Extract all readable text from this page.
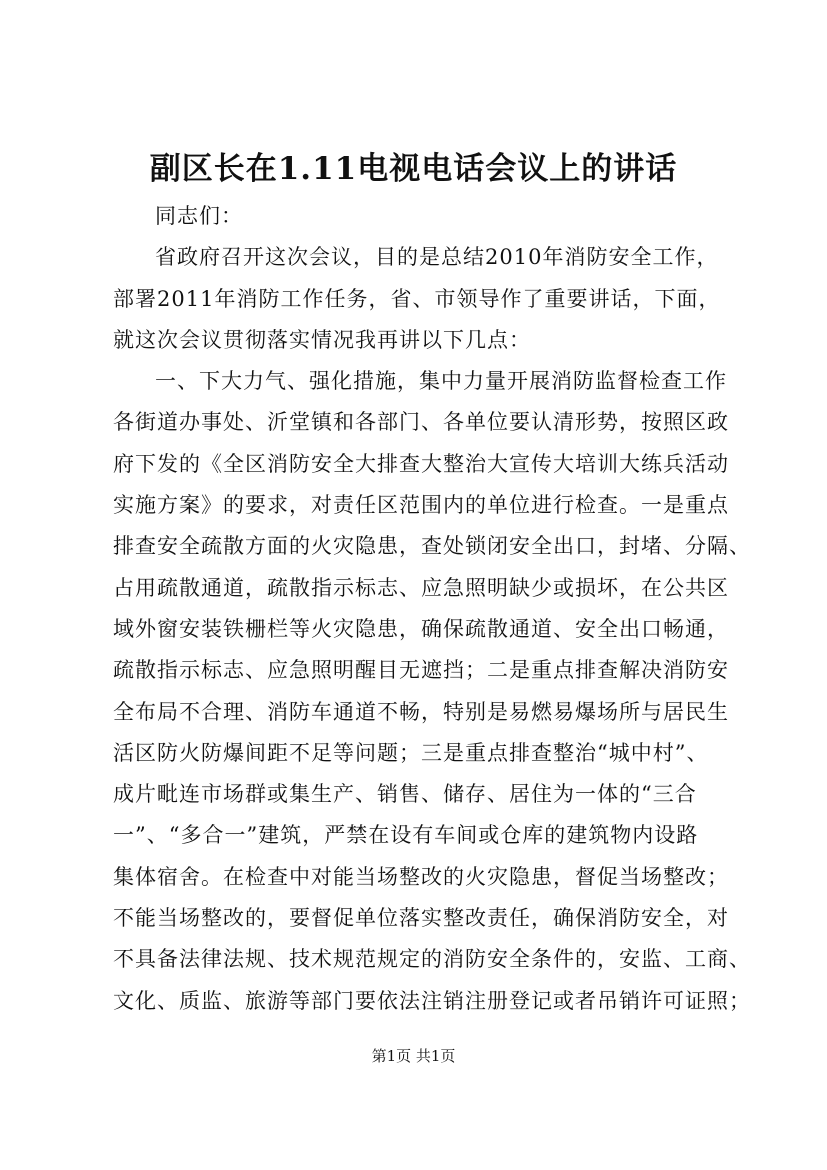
副区长在1.11电视电话会议上的讲话
同志们：
省政府召开这次会议，目的是总结2010年消防安全工作，
部署2011年消防工作任务，省、市领导作了重要讲话，下面，
就这次会议贯彻落实情况我再讲以下几点：
一、下大力气、强化措施，集中力量开展消防监督检查工作
各街道办事处、沂堂镇和各部门、各单位要认清形势，按照区政
府下发的《全区消防安全大排查大整治大宣传大培训大练兵活动
实施方案》的要求，对责任区范围内的单位进行检查。一是重点
排查安全疏散方面的火灾隐患，查处锁闭安全出口，封堵、分隔、
占用疏散通道，疏散指示标志、应急照明缺少或损坏，在公共区
域外窗安装铁栅栏等火灾隐患，确保疏散通道、安全出口畅通，
疏散指示标志、应急照明醒目无遮挡；二是重点排查解决消防安
全布局不合理、消防车通道不畅，特别是易燃易爆场所与居民生
活区防火防爆间距不足等问题；三是重点排查整治“城中村”、
成片毗连市场群或集生产、销售、储存、居住为一体的“三合
一”、“多合一”建筑，严禁在设有车间或仓库的建筑物内设路
集体宿舍。在检查中对能当场整改的火灾隐患，督促当场整改；
不能当场整改的，要督促单位落实整改责任，确保消防安全，对
不具备法律法规、技术规范规定的消防安全条件的，安监、工商、
文化、质监、旅游等部门要依法注销注册登记或者吊销许可证照；
第1页 共1页
